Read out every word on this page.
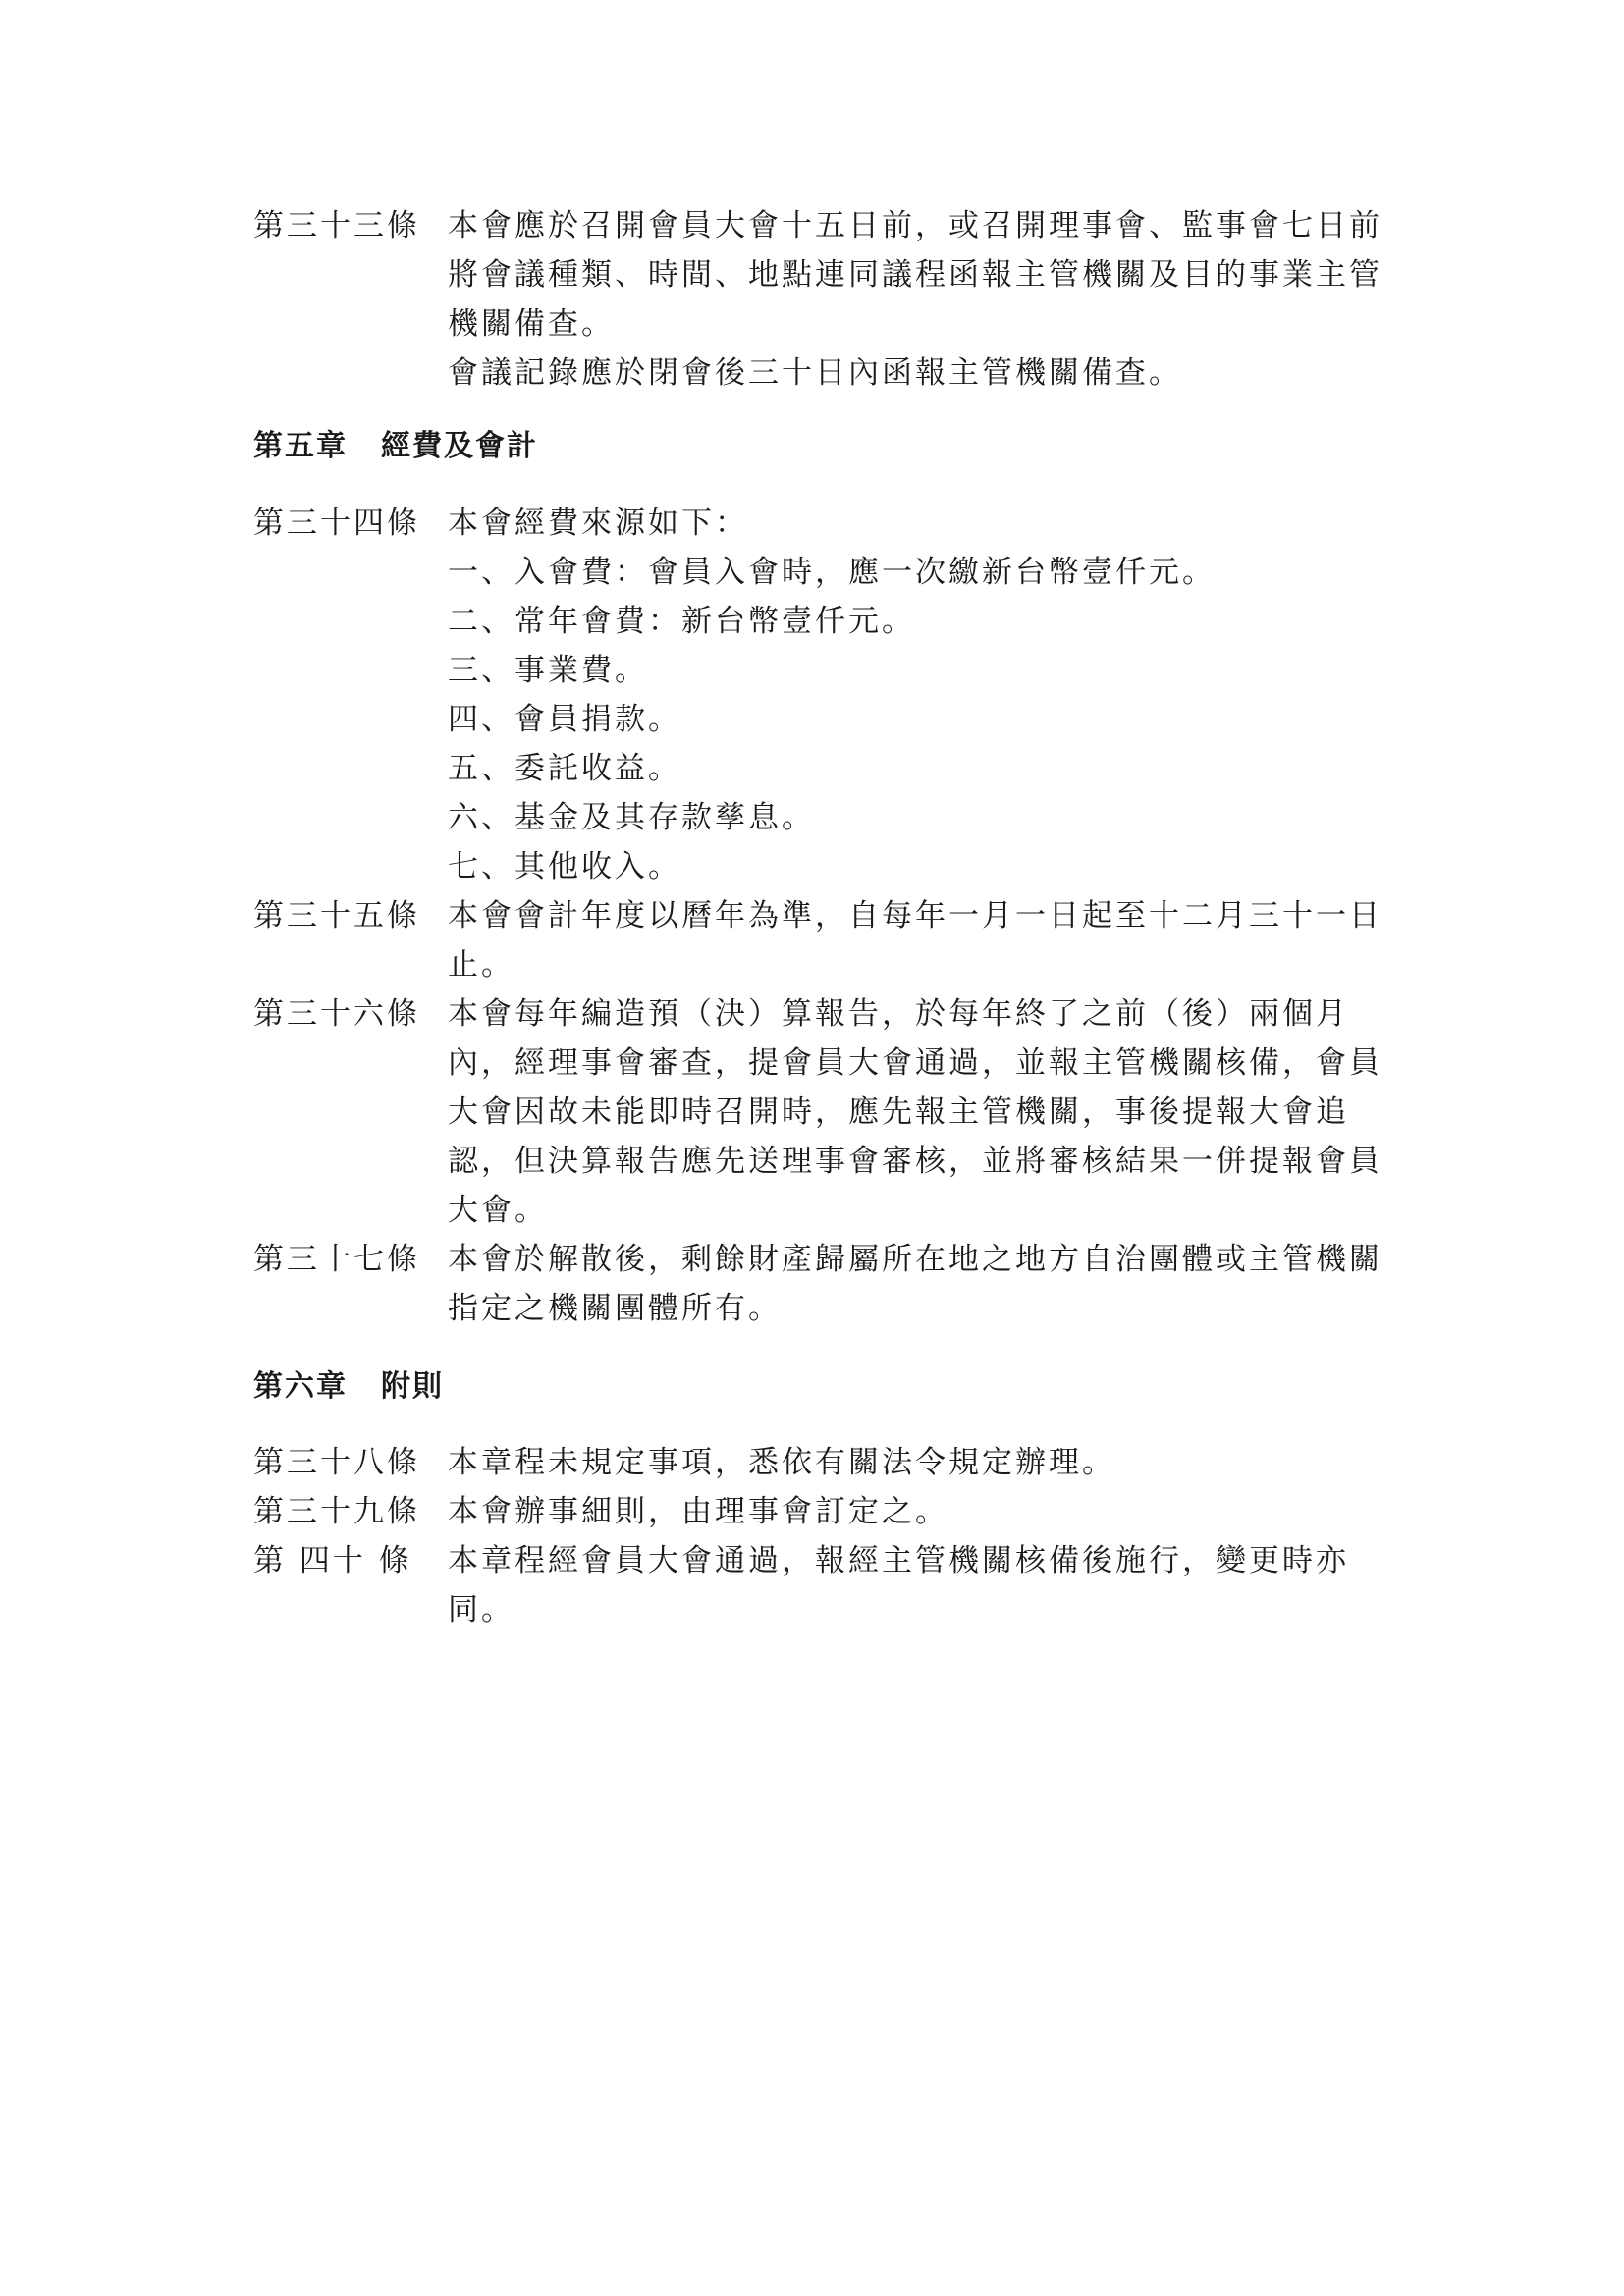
第三十三條 本會應於召開會員大會十五日前，或召開理事會、監事會七日前
將會議種類、時間、地點連同議程函報主管機關及目的事業主管
機關備查。
會議記錄應於閉會後三十日內函報主管機關備查。
第五章 經費及會計
第三十四條 本會經費來源如下：
一、入會費：會員入會時，應一次繳新台幣壹仟元。
二、常年會費：新台幣壹仟元。
三、事業費。
四、會員捐款。
五、委託收益。
六、基金及其存款孳息。
七、其他收入。
第三十五條 本會會計年度以曆年為準，自每年一月一日起至十二月三十一日
止。
第三十六條 本會每年編造預（決）算報告，於每年終了之前（後）兩個月
內，經理事會審查，提會員大會通過，並報主管機關核備，會員
大會因故未能即時召開時，應先報主管機關，事後提報大會追
認，但決算報告應先送理事會審核，並將審核結果一併提報會員
大會。
第三十七條 本會於解散後，剩餘財產歸屬所在地之地方自治團體或主管機關
指定之機關團體所有。
第六章 附則
第三十八條 本章程未規定事項，悉依有關法令規定辦理。
第三十九條 本會辦事細則，由理事會訂定之。
第 四十 條	本章程經會員大會通過，報經主管機關核備後施行，變更時亦
同。
